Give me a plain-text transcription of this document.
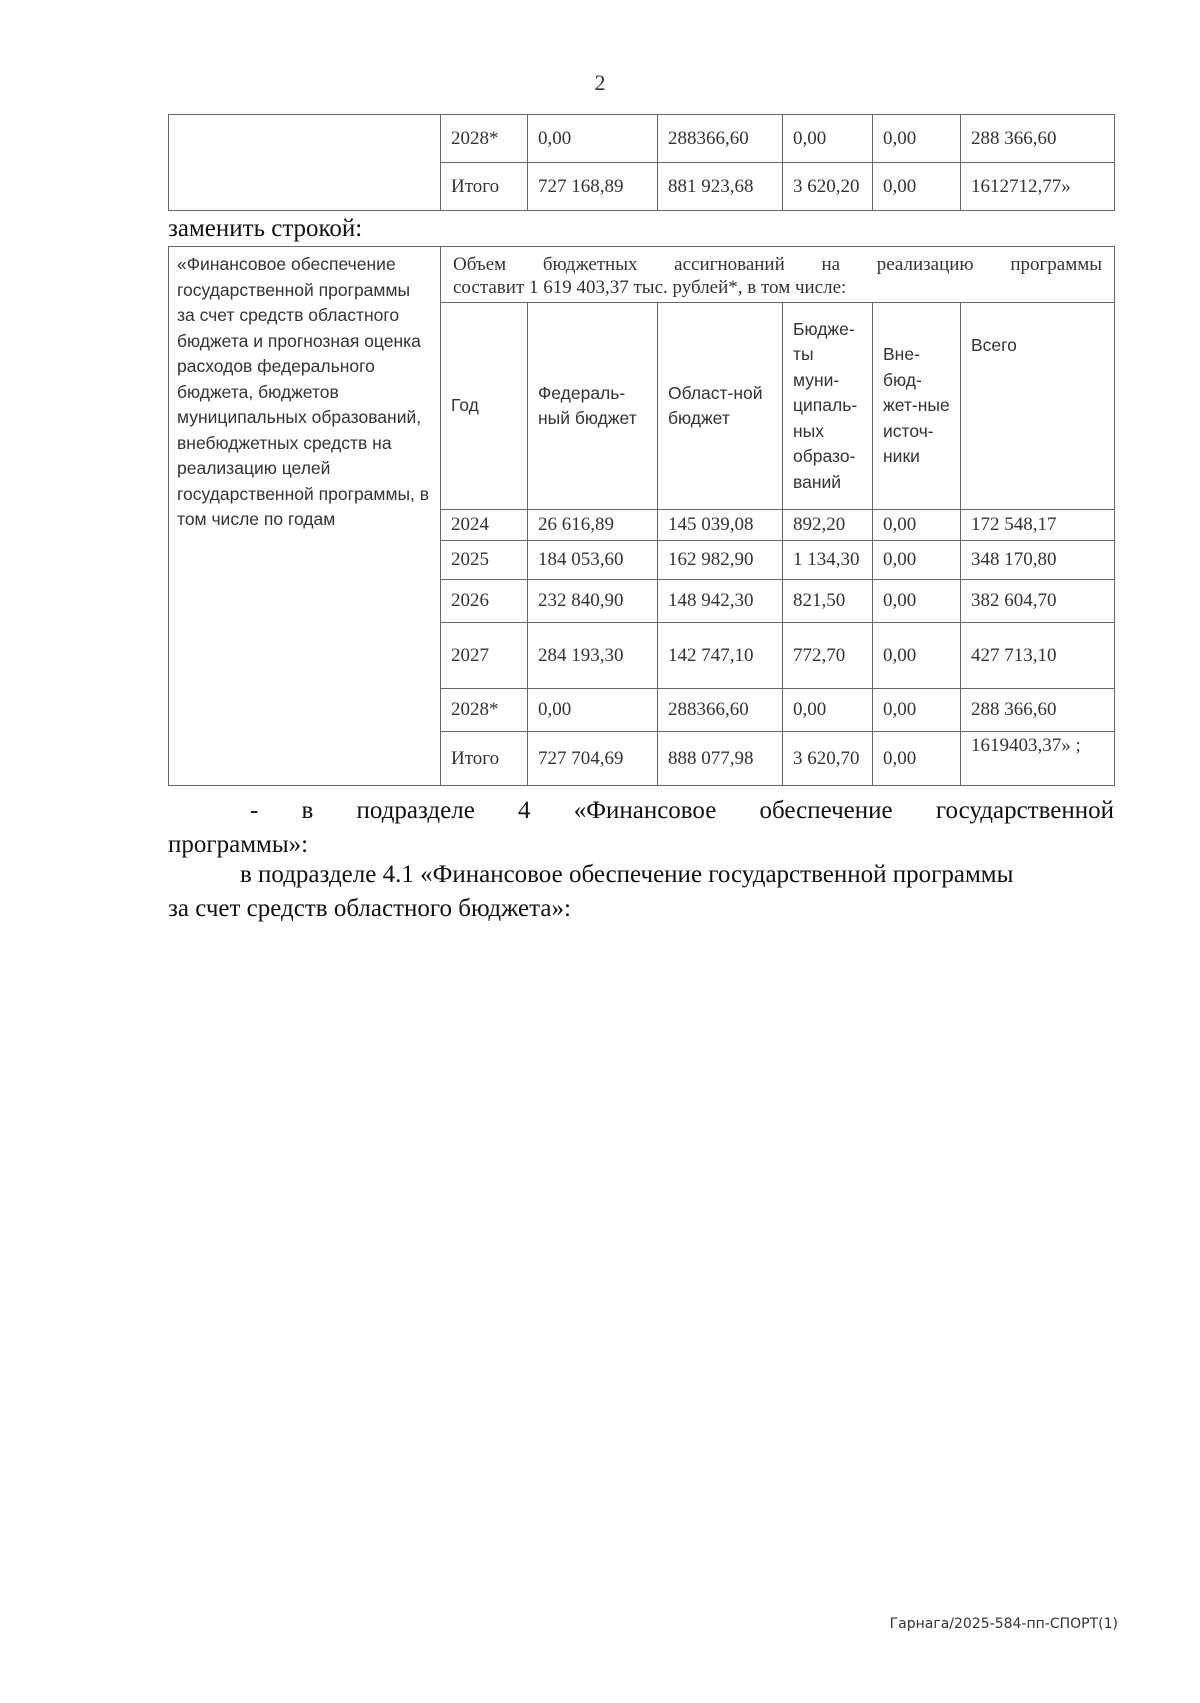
2
	2028*	0,00	288366,60	0,00	0,00	288 366,60
	Итого	727 168,89	881 923,68	3 620,20	0,00	1612712,77»
заменить строкой:
«Финансовое обеспечение государственной программы за счет средств областного бюджета и прогнозная оценка расходов федерального бюджета, бюджетов муниципальных образований, внебюджетных средств на реализацию целей государственной программы, в том числе по годам	Объем бюджетных ассигнований на реализацию программы
составит 1 619 403,37 тыс. рублей*, в том числе:					

	Год	Федераль-ный бюджет	Област-ной бюджет	Бюдже-ты муни-ципаль-ных образо-ваний	Вне-бюд-жет-ные источ-ники	Всего
	2024	26 616,89	145 039,08	892,20	0,00	172 548,17
	2025	184 053,60	162 982,90	1 134,30	0,00	348 170,80
	2026	232 840,90	148 942,30	821,50	0,00	382 604,70
	2027	284 193,30	142 747,10	772,70	0,00	427 713,10
	2028*	0,00	288366,60	0,00	0,00	288 366,60
	Итого	727 704,69	888 077,98	3 620,70	0,00	1619403,37» ;
- в подразделе 4 «Финансовое обеспечение государственной
программы»:
в подразделе 4.1 «Финансовое обеспечение государственной программы
за счет средств областного бюджета»:
Гарнага/2025-584-пп-СПОРТ(1)
